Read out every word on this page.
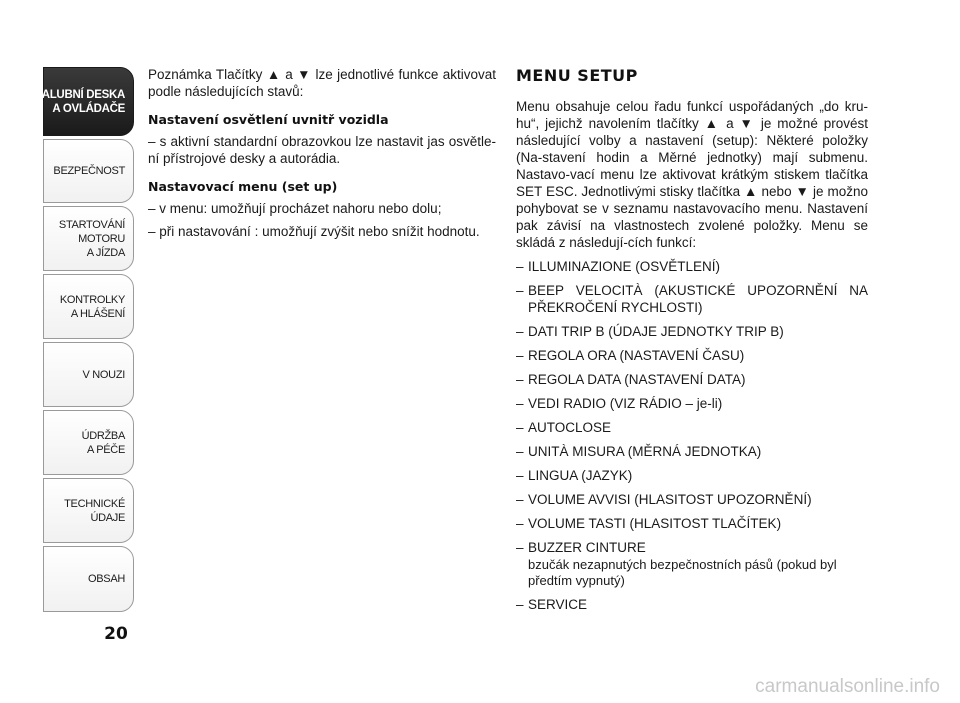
PALUBNÍ DESKA
A OVLÁDAČE
BEZPEČNOST
STARTOVÁNÍ
MOTORU
A JÍZDA
KONTROLKY
A HLÁŠENÍ
V NOUZI
ÚDRŽBA
A PÉČE
TECHNICKÉ
ÚDAJE
OBSAH
20

Poznámka Tlačítky ▲ a ▼ lze jednotlivé funkce aktivovat podle následujících stavů:

Nastavení osvětlení uvnitř vozidla

– s aktivní standardní obrazovkou lze nastavit jas osvětle-ní přístrojové desky a autorádia.

Nastavovací menu (set up)

– v menu: umožňují procházet nahoru nebo dolu;

– při nastavování : umožňují zvýšit nebo snížit hodnotu.

MENU SETUP

Menu obsahuje celou řadu funkcí uspořádaných „do kru-hu“, jejichž navolením tlačítky ▲ a ▼ je možné provést následující volby a nastavení (setup): Některé položky (Na-stavení hodin a Měrné jednotky) mají submenu. Nastavo-vací menu lze aktivovat krátkým stiskem tlačítka SET ESC. Jednotlivými stisky tlačítka ▲ nebo ▼ je možno pohybovat se v seznamu nastavovacího menu. Nastavení pak závisí na vlastnostech zvolené položky. Menu se skládá z následují-cích funkcí:

– ILLUMINAZIONE (OSVĚTLENÍ)
– BEEP VELOCITÀ (AKUSTICKÉ UPOZORNĚNÍ NA PŘEKROČENÍ RYCHLOSTI)
– DATI TRIP B (ÚDAJE JEDNOTKY TRIP B)
– REGOLA ORA (NASTAVENÍ ČASU)
– REGOLA DATA (NASTAVENÍ DATA)
– VEDI RADIO (VIZ RÁDIO – je-li)
– AUTOCLOSE
– UNITÀ MISURA (MĚRNÁ JEDNOTKA)
– LINGUA (JAZYK)
– VOLUME AVVISI (HLASITOST UPOZORNĚNÍ)
– VOLUME TASTI (HLASITOST TLAČÍTEK)
– BUZZER CINTURE
bzučák nezapnutých bezpečnostních pásů (pokud byl předtím vypnutý)
– SERVICE
carmanualsonline.info
